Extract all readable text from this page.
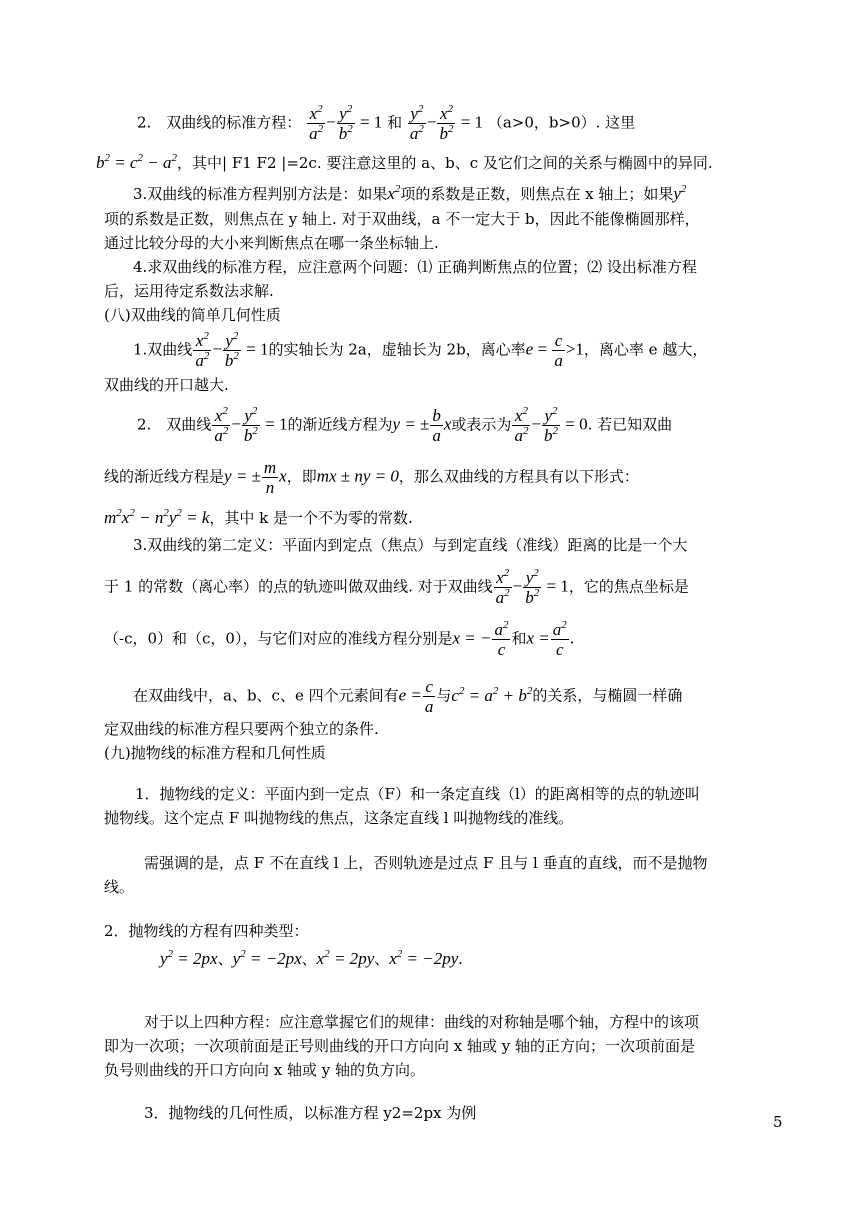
2.　双曲线的标准方程： $\frac{x^2}{a^2} - \frac{y^2}{b^2} = 1$ 和 $\frac{y^2}{a^2} - \frac{x^2}{b^2} = 1$ （a>0，b>0）. 这里
$b^2 = c^2 - a^2$，其中| F1 F2 |=2c. 要注意这里的 a、b、c 及它们之间的关系与椭圆中的异同.
3.双曲线的标准方程判别方法是：如果$x^2$项的系数是正数，则焦点在 x 轴上；如果$y^2$
项的系数是正数，则焦点在 y 轴上. 对于双曲线，a 不一定大于 b，因此不能像椭圆那样，
通过比较分母的大小来判断焦点在哪一条坐标轴上.
4.求双曲线的标准方程，应注意两个问题：⑴ 正确判断焦点的位置；⑵ 设出标准方程
后，运用待定系数法求解.
(八)双曲线的简单几何性质
1.双曲线 $\frac{x^2}{a^2} - \frac{y^2}{b^2} = 1$的实轴长为 2a，虚轴长为 2b，离心率$e = \frac{c}{a} >1$，离心率 e 越大，
双曲线的开口越大.
2.　双曲线 $\frac{x^2}{a^2} - \frac{y^2}{b^2} = 1$的渐近线方程为y = ± $\frac{b}{a}$ x或表示为 $\frac{x^2}{a^2} - \frac{y^2}{b^2} = 0$. 若已知双曲
线的渐近线方程是y = ± $\frac{m}{n}$ x，即mx ± ny = 0，那么双曲线的方程具有以下形式：
$m^2x^2 - n^2y^2 = k$，其中 k 是一个不为零的常数.
3.双曲线的第二定义：平面内到定点（焦点）与到定直线（准线）距离的比是一个大
于 1 的常数（离心率）的点的轨迹叫做双曲线. 对于双曲线 $\frac{x^2}{a^2} - \frac{y^2}{b^2} = 1$，它的焦点坐标是
（-c，0）和（c，0），与它们对应的准线方程分别是x = − $\frac{a^2}{c}$ 和$x = \frac{a^2}{c}$ .
在双曲线中，a、b、c、e 四个元素间有$e = \frac{c}{a}$ 与$c^2 = a^2 + b^2$的关系，与椭圆一样确
定双曲线的标准方程只要两个独立的条件.
(九)抛物线的标准方程和几何性质
1．抛物线的定义：平面内到一定点（F）和一条定直线（l）的距离相等的点的轨迹叫
抛物线。这个定点 F 叫抛物线的焦点，这条定直线 l 叫抛物线的准线。
需强调的是，点 F 不在直线 l 上，否则轨迹是过点 F 且与 l 垂直的直线，而不是抛物
线。
2．抛物线的方程有四种类型：
$y^2 = 2px$、$y^2 = -2px$、$x^2 = 2py$、$x^2 = -2py$.
对于以上四种方程：应注意掌握它们的规律：曲线的对称轴是哪个轴，方程中的该项
即为一次项；一次项前面是正号则曲线的开口方向向 x 轴或 y 轴的正方向；一次项前面是
负号则曲线的开口方向向 x 轴或 y 轴的负方向。
3．抛物线的几何性质，以标准方程 y2=2px 为例	5
